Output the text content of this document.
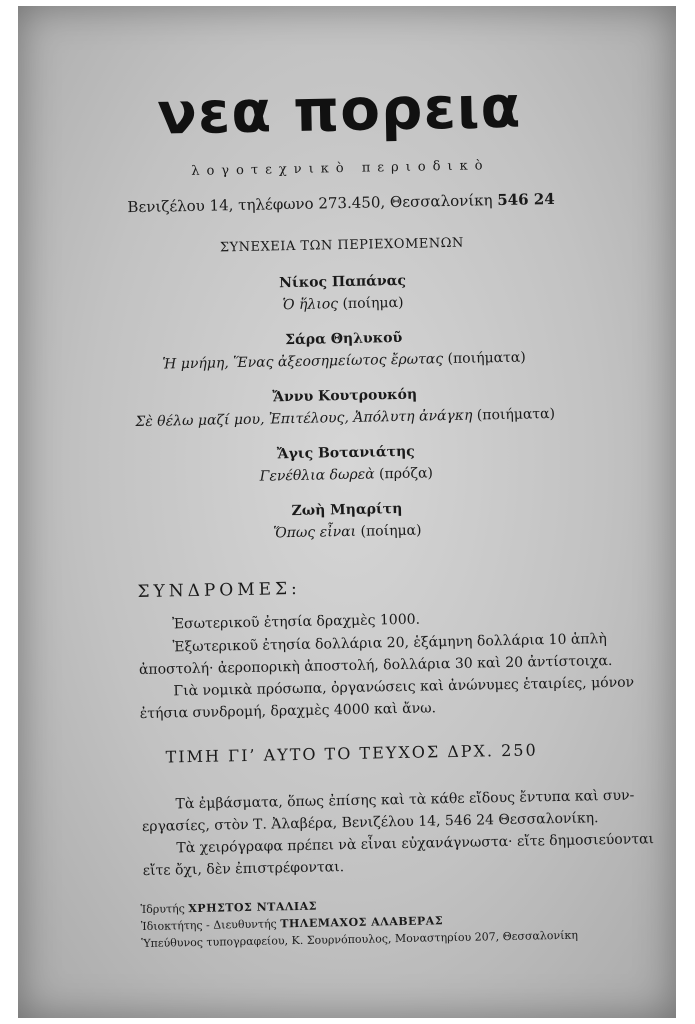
νεα πορεια
λογοτεχνικὸ περιοδικὸ
Βενιζέλου 14, τηλέφωνο 273.450, Θεσσαλονίκη 546 24
ΣΥΝΕΧΕΙΑ ΤΩΝ ΠΕΡΙΕΧΟΜΕΝΩΝ
Νίκος Παπάνας
Ὁ ἥλιος (ποίημα)
Σάρα Θηλυκοῦ
Ἡ μνήμη, Ἕνας ἀξεοσημείωτος ἔρωτας (ποιήματα)
Ἄννυ Κουτρουκόη
Σὲ θέλω μαζί μου, Ἐπιτέλους, Ἀπόλυτη ἀνάγκη (ποιήματα)
Ἄγις Βοτανιάτης
Γενέθλια δωρεὰ (πρόζα)
Ζωὴ Μηαρίτη
Ὅπως εἶναι (ποίημα)
ΣΥΝΔΡΟΜΕΣ:
Ἐσωτερικοῦ ἐτησία δραχμὲς 1000.
Ἐξωτερικοῦ ἐτησία δολλάρια 20, ἑξάμηνη δολλάρια 10 ἁπλὴ
ἀποστολή· ἀεροπορικὴ ἀποστολή, δολλάρια 30 καὶ 20 ἀντίστοιχα.
Γιὰ νομικὰ πρόσωπα, ὀργανώσεις καὶ ἀνώνυμες ἑταιρίες, μόνον
ἐτήσια συνδρομή, δραχμὲς 4000 καὶ ἄνω.
ΤΙΜΗ ΓΙ’ ΑΥΤΟ ΤΟ ΤΕΥΧΟΣ ΔΡΧ. 250
Τὰ ἐμβάσματα, ὅπως ἐπίσης καὶ τὰ κάθε εἴδους ἔντυπα καὶ συν-
εργασίες, στὸν Τ. Ἀλαβέρα, Βενιζέλου 14, 546 24 Θεσσαλονίκη.
Τὰ χειρόγραφα πρέπει νὰ εἶναι εὐχανάγνωστα· εἴτε δημοσιεύονται
εἴτε ὄχι, δὲν ἐπιστρέφονται.
Ἱδρυτής ΧΡΗΣΤΟΣ ΝΤΑΛΙΑΣ
Ἰδιοκτήτης - Διευθυντής ΤΗΛΕΜΑΧΟΣ ΑΛΑΒΕΡΑΣ
Ὑπεύθυνος τυπογραφείου, Κ. Σουρνόπουλος, Μοναστηρίου 207, Θεσσαλονίκη
